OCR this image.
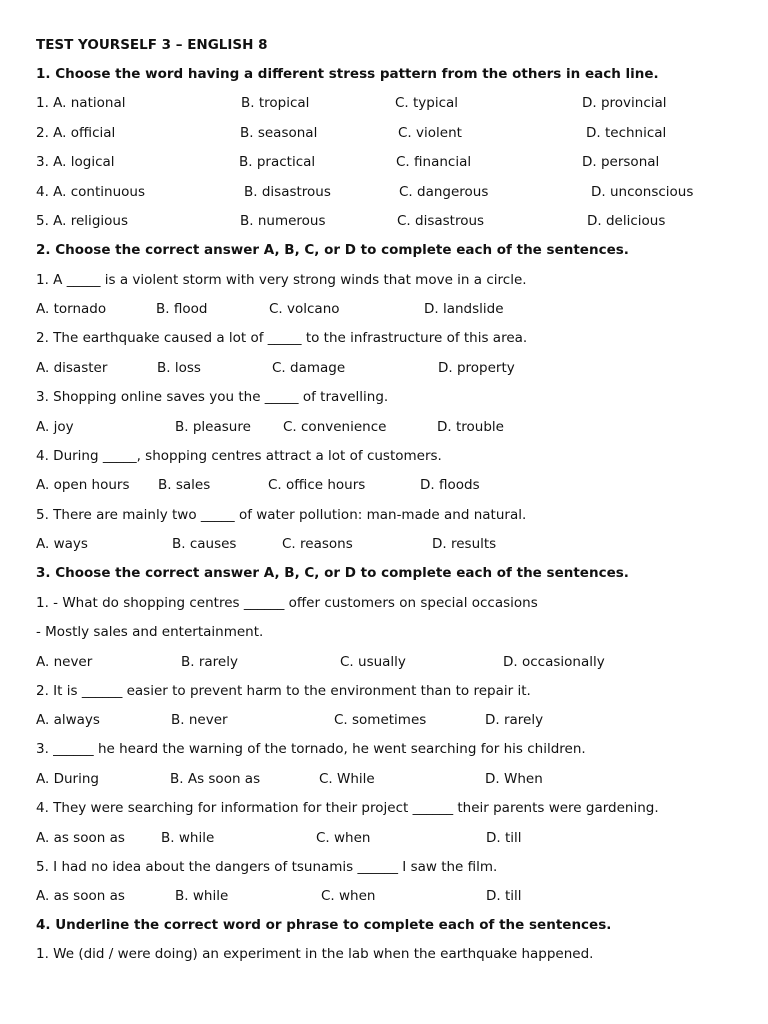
TEST YOURSELF 3 – ENGLISH 8
1. Choose the word having a different stress pattern from the others in each line.
1. A. national	B. tropical	C. typical	D. provincial
2. A. official	B. seasonal	C. violent	D. technical
3. A. logical	B. practical	C. financial	D. personal
4. A. continuous	B. disastrous	C. dangerous	D. unconscious
5. A. religious	B. numerous	C. disastrous	D. delicious
2. Choose the correct answer A, B, C, or D to complete each of the sentences.
1. A _____ is a violent storm with very strong winds that move in a circle.
A. tornado	B. flood	C. volcano	D. landslide
2. The earthquake caused a lot of _____ to the infrastructure of this area.
A. disaster	B. loss	C. damage	D. property
3. Shopping online saves you the _____ of travelling.
A. joy	B. pleasure C. convenience	D. trouble
4. During _____, shopping centres attract a lot of customers.
A. open hours B. sales	C. office hours	D. floods
5. There are mainly two _____ of water pollution: man-made and natural.
A. ways	B. causes	C. reasons	D. results
3. Choose the correct answer A, B, C, or D to complete each of the sentences.
1. - What do shopping centres ______ offer customers on special occasions
- Mostly sales and entertainment.
A. never	B. rarely	C. usually	D. occasionally
2. It is ______ easier to prevent harm to the environment than to repair it.
A. always	B. never	C. sometimes	D. rarely
3. ______ he heard the warning of the tornado, he went searching for his children.
A. During	B. As soon as	C. While	D. When
4. They were searching for information for their project ______ their parents were gardening.
A. as soon as	B. while	C. when	D. till
5. I had no idea about the dangers of tsunamis ______ I saw the film.
A. as soon as	B. while	C. when	D. till
4. Underline the correct word or phrase to complete each of the sentences.
1. We (did / were doing) an experiment in the lab when the earthquake happened.
